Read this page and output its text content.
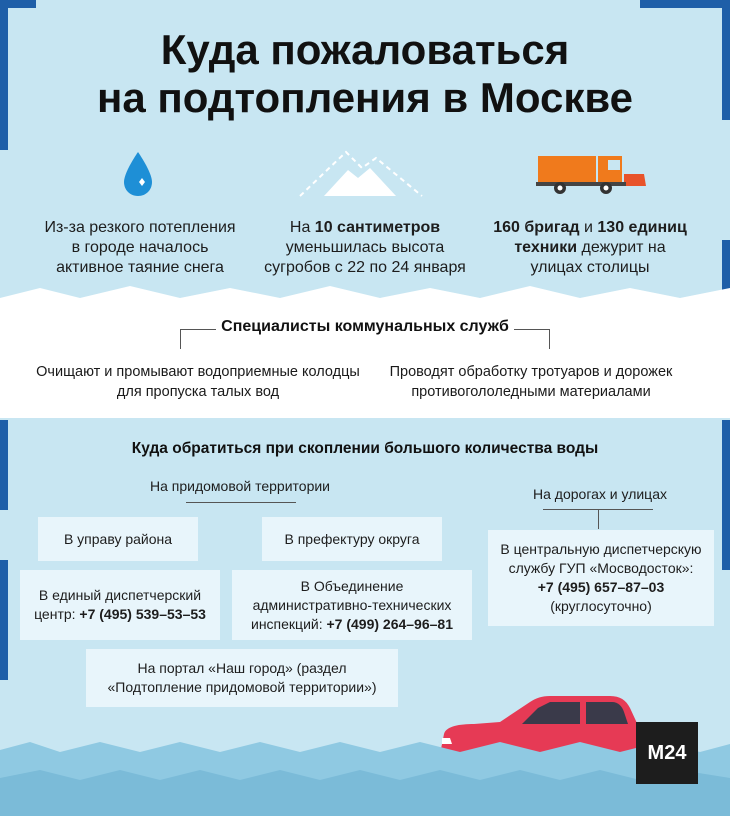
Куда пожаловаться
на подтопления в Москве
Из-за резкого потепления
в городе началось
активное таяние снега
На 10 сантиметров
уменьшилась высота
сугробов с 22 по 24 января
160 бригад и 130 единиц
техники дежурит на
улицах столицы
Специалисты коммунальных служб
Очищают и промывают водоприемные колодцы
для пропуска талых вод
Проводят обработку тротуаров и дорожек
противогололедными материалами
Куда обратиться при скоплении большого количества воды
На придомовой территории	На дорогах и улицах
В управу района	В префектуру округа
В единый диспетчерский
центр: +7 (495) 539–53–53
В Объединение
административно-технических
инспекций: +7 (499) 264–96–81
На портал «Наш город» (раздел
«Подтопление придомовой территории»)
В центральную диспетчерскую
службу ГУП «Мосводосток»:
+7 (495) 657–87–03
(круглосуточно)
M24
